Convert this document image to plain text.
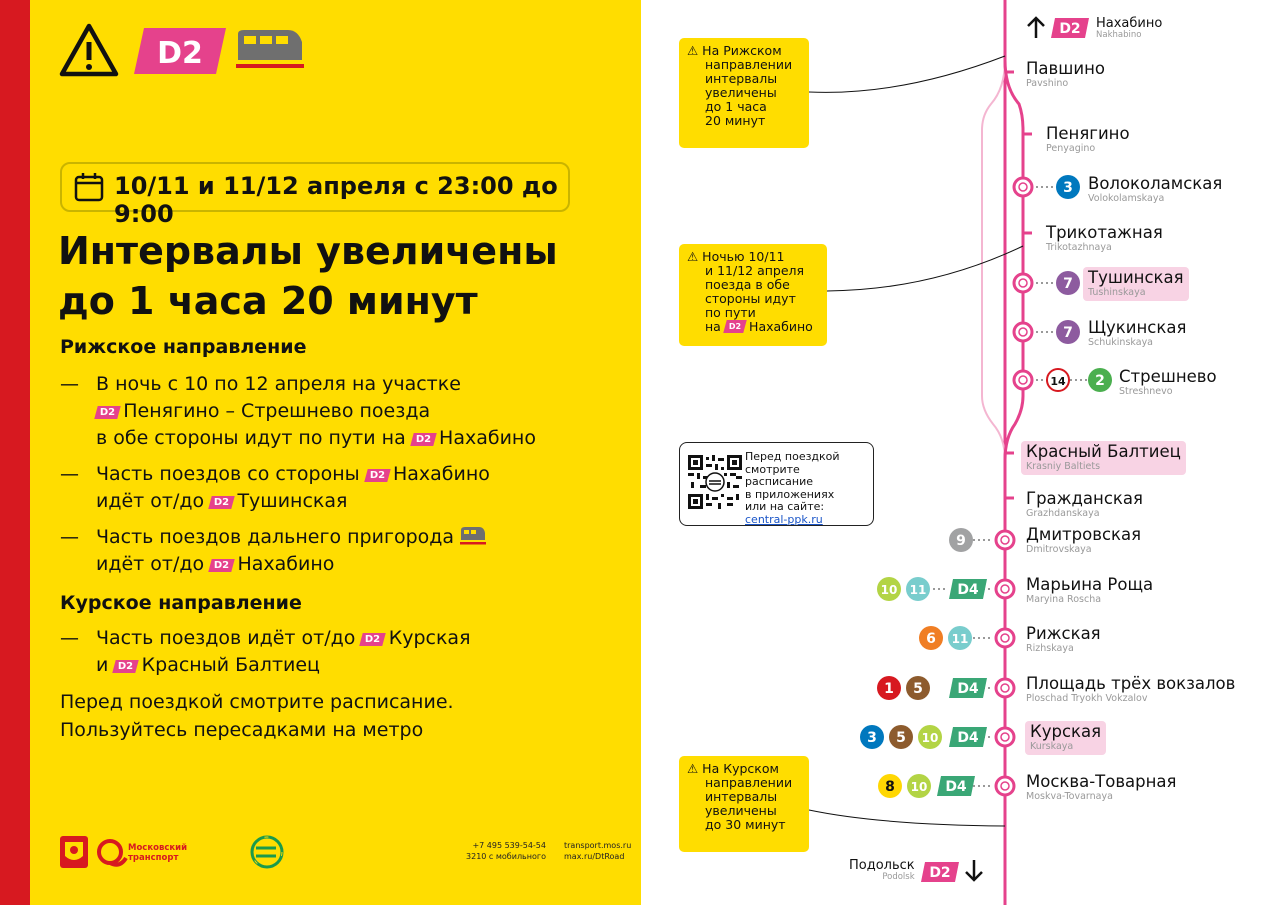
D2
10/11 и 11/12 апреля с 23:00 до 9:00
Интервалы увеличены
до 1 часа 20 минут
Рижское направление
— В ночь с 10 по 12 апреля на участке
D2 Пенягино – Стрешнево поезда
в обе стороны идут по пути на D2 Нахабино
— Часть поездов со стороны D2 Нахабино
идёт от/до D2 Тушинская
— Часть поездов дальнего пригорода
идёт от/до D2 Нахабино
Курское направление
— Часть поездов идёт от/до D2 Курская
и D2 Красный Балтиец
Перед поездкой смотрите расписание.
Пользуйтесь пересадками на метро
Московский
транспорт
+7 495 539-54-54
3210 с мобильного
transport.mos.ru
max.ru/DtRoad
3
7
7
14 2
9
10 11
6 11
1 5
3 5 10
8 10
D4
D4
D4
D4
D2
D2
Нахабино
Nakhabino
Подольск
Podolsk
Павшино
Pavshino
Пенягино
Penyagino
Волоколамская
Volokolamskaya
Трикотажная
Trikotazhnaya
Тушинская
Tushinskaya
Щукинская
Schukinskaya
Стрешнево
Streshnevo
Красный Балтиец
Krasniy Baltiets
Гражданская
Grazhdanskaya
Дмитровская
Dmitrovskaya
Марьина Роща
Maryina Roscha
Рижская
Rizhskaya
Площадь трёх вокзалов
Ploschad Tryokh Vokzalov
Курская
Kurskaya
Москва-Товарная
Moskva-Tovarnaya
⚠ На Рижском
направлении
интервалы
увеличены
до 1 часа
20 минут
⚠ Ночью 10/11
и 11/12 апреля
поезда в обе
стороны идут
по пути
на D2 Нахабино
⚠ На Курском
направлении
интервалы
увеличены
до 30 минут
Перед поездкой
смотрите расписание
в приложениях
или на сайте:
central-ppk.ru
